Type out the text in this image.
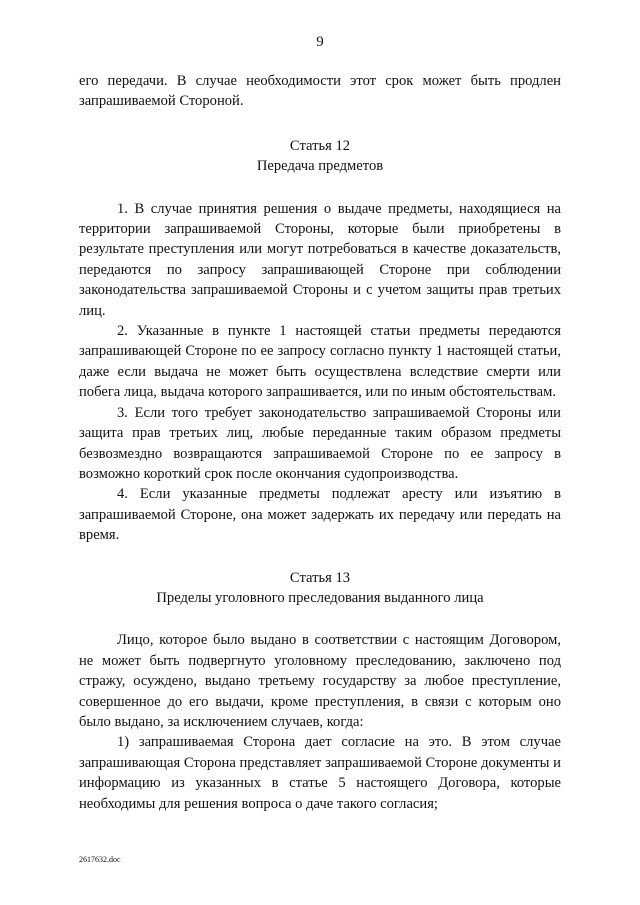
9

его передачи. В случае необходимости этот срок может быть продлен запрашиваемой Стороной.

Статья 12

Передача предметов

1. В случае принятия решения о выдаче предметы, находящиеся на территории запрашиваемой Стороны, которые были приобретены в результате преступления или могут потребоваться в качестве доказательств, передаются по запросу запрашивающей Стороне при соблюдении законодательства запрашиваемой Стороны и с учетом защиты прав третьих лиц.

2. Указанные в пункте 1 настоящей статьи предметы передаются запрашивающей Стороне по ее запросу согласно пункту 1 настоящей статьи, даже если выдача не может быть осуществлена вследствие смерти или побега лица, выдача которого запрашивается, или по иным обстоятельствам.

3. Если того требует законодательство запрашиваемой Стороны или защита прав третьих лиц, любые переданные таким образом предметы безвозмездно возвращаются запрашиваемой Стороне по ее запросу в возможно короткий срок после окончания судопроизводства.

4. Если указанные предметы подлежат аресту или изъятию в запрашиваемой Стороне, она может задержать их передачу или передать на время.

Статья 13

Пределы уголовного преследования выданного лица

Лицо, которое было выдано в соответствии с настоящим Договором, не может быть подвергнуто уголовному преследованию, заключено под стражу, осуждено, выдано третьему государству за любое преступление, совершенное до его выдачи, кроме преступления, в связи с которым оно было выдано, за исключением случаев, когда:

1) запрашиваемая Сторона дает согласие на это. В этом случае запрашивающая Сторона представляет запрашиваемой Стороне документы и информацию из указанных в статье 5 настоящего Договора, которые необходимы для решения вопроса о даче такого согласия;

2617632.doc
